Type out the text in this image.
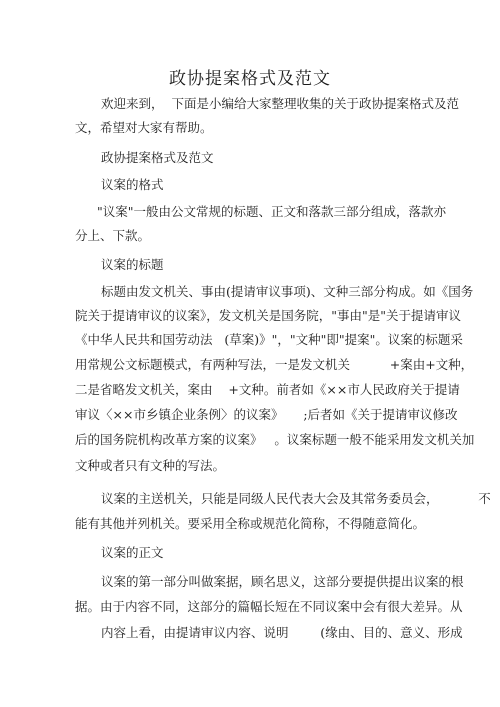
政协提案格式及范文
欢迎来到，  下面是小编给大家整理收集的关于政协提案格式及范
文，希望对大家有帮助。
政协提案格式及范文
议案的格式
"议案"一般由公文常规的标题、正文和落款三部分组成，落款亦
分上、下款。
议案的标题
标题由发文机关、事由(提请审议事项)、文种三部分构成。如《国务
院关于提请审议的议案》，发文机关是国务院，"事由"是"关于提请审议
《中华人民共和国劳动法   (草案)》"，"文种"即"提案"。议案的标题采
用常规公文标题模式，有两种写法，一是发文机关          +案由+文种，
二是省略发文机关，案由    +文种。前者如《××市人民政府关于提请
审议〈××市乡镇企业条例〉的议案》     ;后者如《关于提请审议修改
后的国务院机构改革方案的议案》   。议案标题一般不能采用发文机关加
文种或者只有文种的写法。
议案的主送机关，只能是同级人民代表大会及其常务委员会，          不
能有其他并列机关。要采用全称或规范化简称，不得随意简化。
议案的正文
议案的第一部分叫做案据，顾名思义，这部分要提供提出议案的根
据。由于内容不同，这部分的篇幅长短在不同议案中会有很大差异。从
内容上看，由提请审议内容、说明        (缘由、目的、意义、形成
